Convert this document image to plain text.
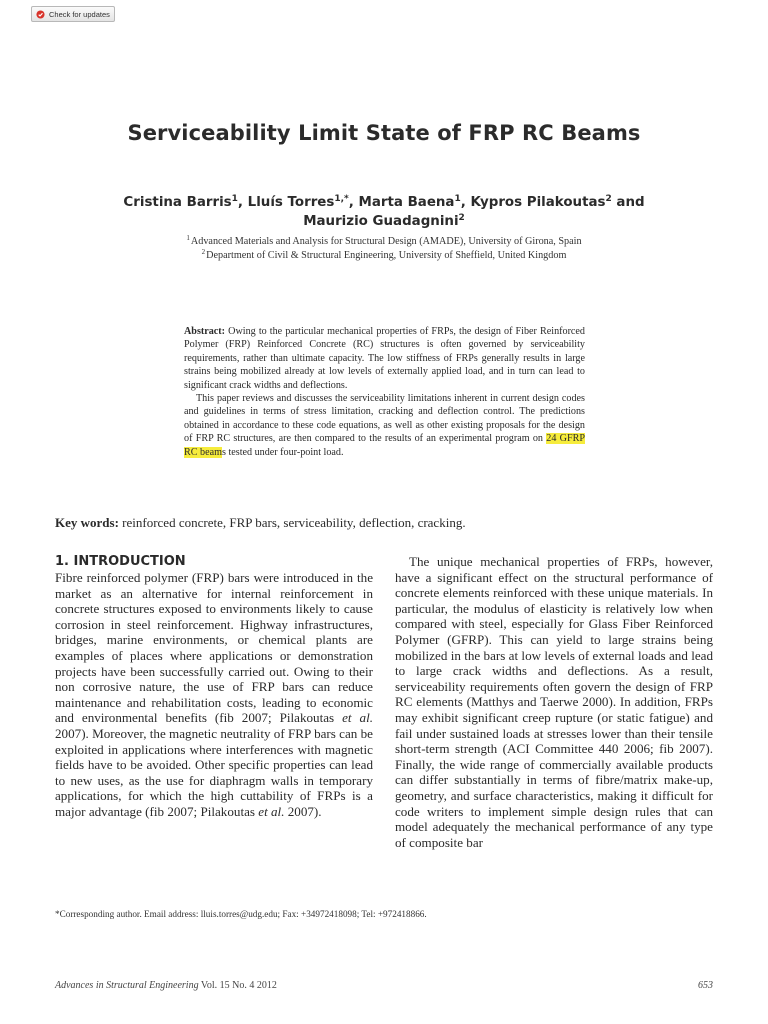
Check for updates
Serviceability Limit State of FRP RC Beams
Cristina Barris$^1$, Lluís Torres$^{1,*}$, Marta Baena$^1$, Kypros Pilakoutas$^2$ and
Maurizio Guadagnini$^2$
$^1$Advanced Materials and Analysis for Structural Design (AMADE), University of Girona, Spain
$^2$Department of Civil & Structural Engineering, University of Sheffield, United Kingdom

Abstract: Owing to the particular mechanical properties of FRPs, the design of Fiber Reinforced Polymer (FRP) Reinforced Concrete (RC) structures is often governed by serviceability requirements, rather than ultimate capacity. The low stiffness of FRPs generally results in large strains being mobilized already at low levels of externally applied load, and in turn can lead to significant crack widths and deflections.

This paper reviews and discusses the serviceability limitations inherent in current design codes and guidelines in terms of stress limitation, cracking and deflection control. The predictions obtained in accordance to these code equations, as well as other existing proposals for the design of FRP RC structures, are then compared to the results of an experimental program on 24 GFRP RC beams tested under four-point load.

Key words: reinforced concrete, FRP bars, serviceability, deflection, cracking.
1. INTRODUCTION

Fibre reinforced polymer (FRP) bars were introduced in the market as an alternative for internal reinforcement in concrete structures exposed to environments likely to cause corrosion in steel reinforcement. Highway infrastructures, bridges, marine environments, or chemical plants are examples of places where applications or demonstration projects have been successfully carried out. Owing to their non corrosive nature, the use of FRP bars can reduce maintenance and rehabilitation costs, leading to economic and environmental benefits (fib 2007; Pilakoutas et al. 2007). Moreover, the magnetic neutrality of FRP bars can be exploited in applications where interferences with magnetic fields have to be avoided. Other specific properties can lead to new uses, as the use for diaphragm walls in temporary applications, for which the high cuttability of FRPs is a major advantage (fib 2007; Pilakoutas et al. 2007).

The unique mechanical properties of FRPs, however, have a significant effect on the structural performance of concrete elements reinforced with these unique materials. In particular, the modulus of elasticity is relatively low when compared with steel, especially for Glass Fiber Reinforced Polymer (GFRP). This can yield to large strains being mobilized in the bars at low levels of external loads and lead to large crack widths and deflections. As a result, serviceability requirements often govern the design of FRP RC elements (Matthys and Taerwe 2000). In addition, FRPs may exhibit significant creep rupture (or static fatigue) and fail under sustained loads at stresses lower than their tensile short-term strength (ACI Committee 440 2006; fib 2007). Finally, the wide range of commercially available products can differ substantially in terms of fibre/matrix make-up, geometry, and surface characteristics, making it difficult for code writers to implement simple design rules that can model adequately the mechanical performance of any type of composite bar

*Corresponding author. Email address: lluis.torres@udg.edu; Fax: +34972418098; Tel: +972418866.
Advances in Structural Engineering Vol. 15 No. 4 2012	653
